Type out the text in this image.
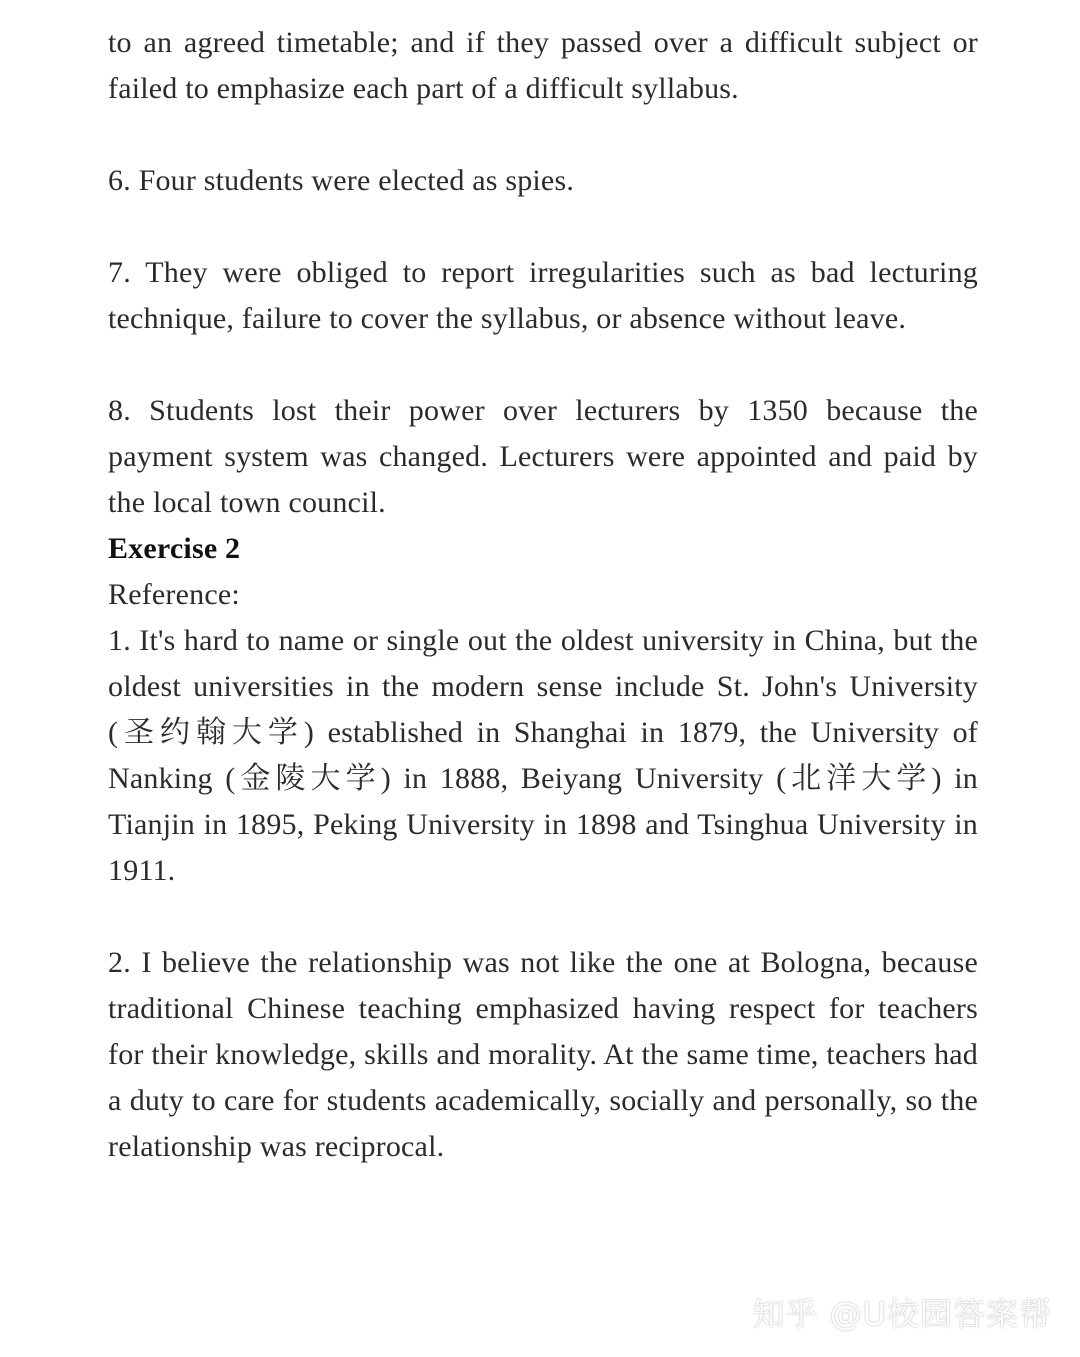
to an agreed timetable; and if they passed over a difficult subject or failed to emphasize each part of a difficult syllabus.

6. Four students were elected as spies.

7. They were obliged to report irregularities such as bad lecturing technique, failure to cover the syllabus, or absence without leave.

8. Students lost their power over lecturers by 1350 because the payment system was changed. Lecturers were appointed and paid by the local town council.

Exercise 2

Reference:

1. It's hard to name or single out the oldest university in China, but the oldest universities in the modern sense include St. John's University (圣约翰大学) established in Shanghai in 1879, the University of Nanking (金陵大学) in 1888, Beiyang University (北洋大学) in Tianjin in 1895, Peking University in 1898 and Tsinghua University in 1911.

2. I believe the relationship was not like the one at Bologna, because traditional Chinese teaching emphasized having respect for teachers for their knowledge, skills and morality. At the same time, teachers had a duty to care for students academically, socially and personally, so the relationship was reciprocal.

知乎 @U校园答案帮
